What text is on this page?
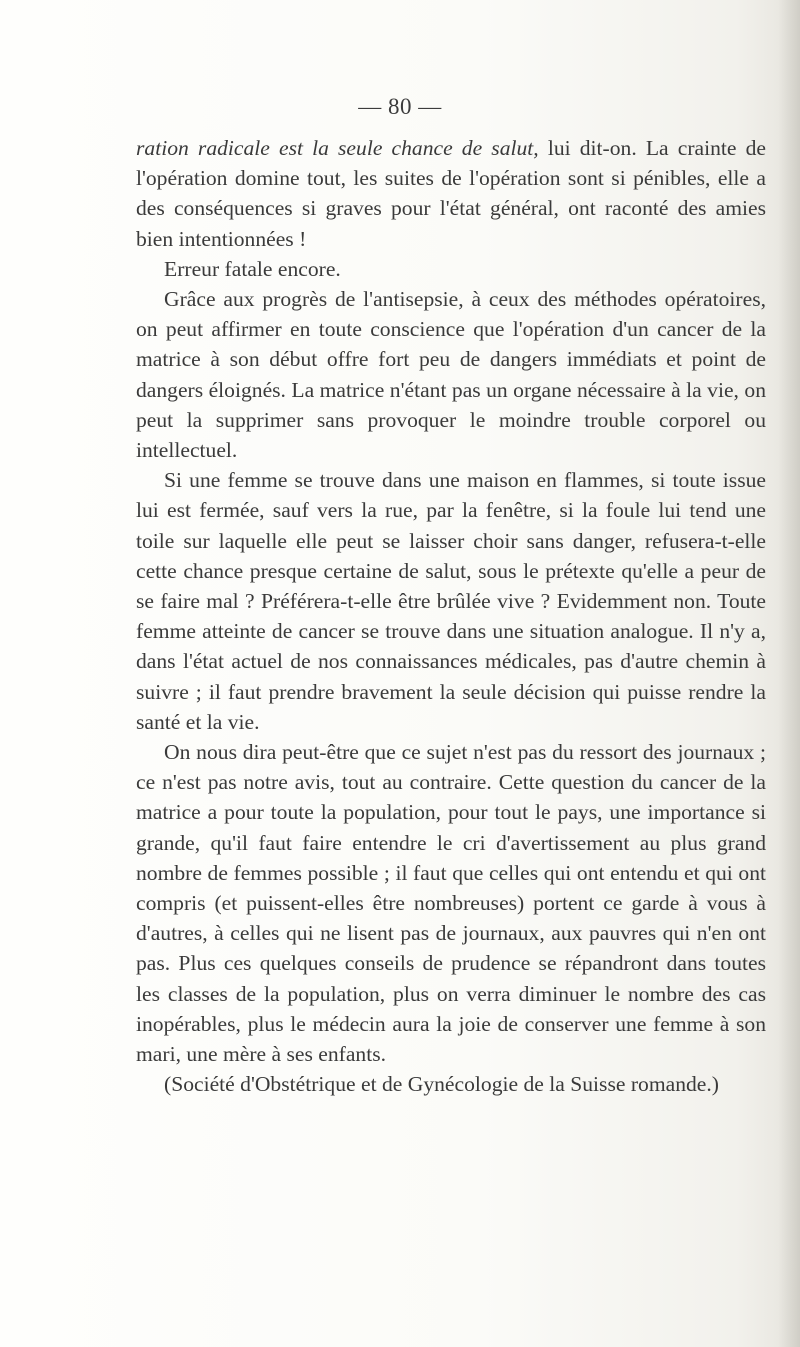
— 80 —

ration radicale est la seule chance de salut, lui dit-on. La crainte de l'opération domine tout, les suites de l'opération sont si pénibles, elle a des conséquences si graves pour l'état général, ont raconté des amies bien intentionnées !

Erreur fatale encore.

Grâce aux progrès de l'antisepsie, à ceux des méthodes opératoires, on peut affirmer en toute conscience que l'opération d'un cancer de la matrice à son début offre fort peu de dangers immédiats et point de dangers éloignés. La matrice n'étant pas un organe nécessaire à la vie, on peut la supprimer sans provoquer le moindre trouble corporel ou intellectuel.

Si une femme se trouve dans une maison en flammes, si toute issue lui est fermée, sauf vers la rue, par la fenêtre, si la foule lui tend une toile sur laquelle elle peut se laisser choir sans danger, refusera-t-elle cette chance presque certaine de salut, sous le prétexte qu'elle a peur de se faire mal ? Préférera-t-elle être brûlée vive ? Evidemment non. Toute femme atteinte de cancer se trouve dans une situation analogue. Il n'y a, dans l'état actuel de nos connaissances médicales, pas d'autre chemin à suivre ; il faut prendre bravement la seule décision qui puisse rendre la santé et la vie.

On nous dira peut-être que ce sujet n'est pas du ressort des journaux ; ce n'est pas notre avis, tout au contraire. Cette question du cancer de la matrice a pour toute la population, pour tout le pays, une importance si grande, qu'il faut faire entendre le cri d'avertissement au plus grand nombre de femmes possible ; il faut que celles qui ont entendu et qui ont compris (et puissent-elles être nombreuses) portent ce garde à vous à d'autres, à celles qui ne lisent pas de journaux, aux pauvres qui n'en ont pas. Plus ces quelques conseils de prudence se répandront dans toutes les classes de la population, plus on verra diminuer le nombre des cas inopérables, plus le médecin aura la joie de conserver une femme à son mari, une mère à ses enfants.

(Société d'Obstétrique et de Gynécologie de la Suisse romande.)
